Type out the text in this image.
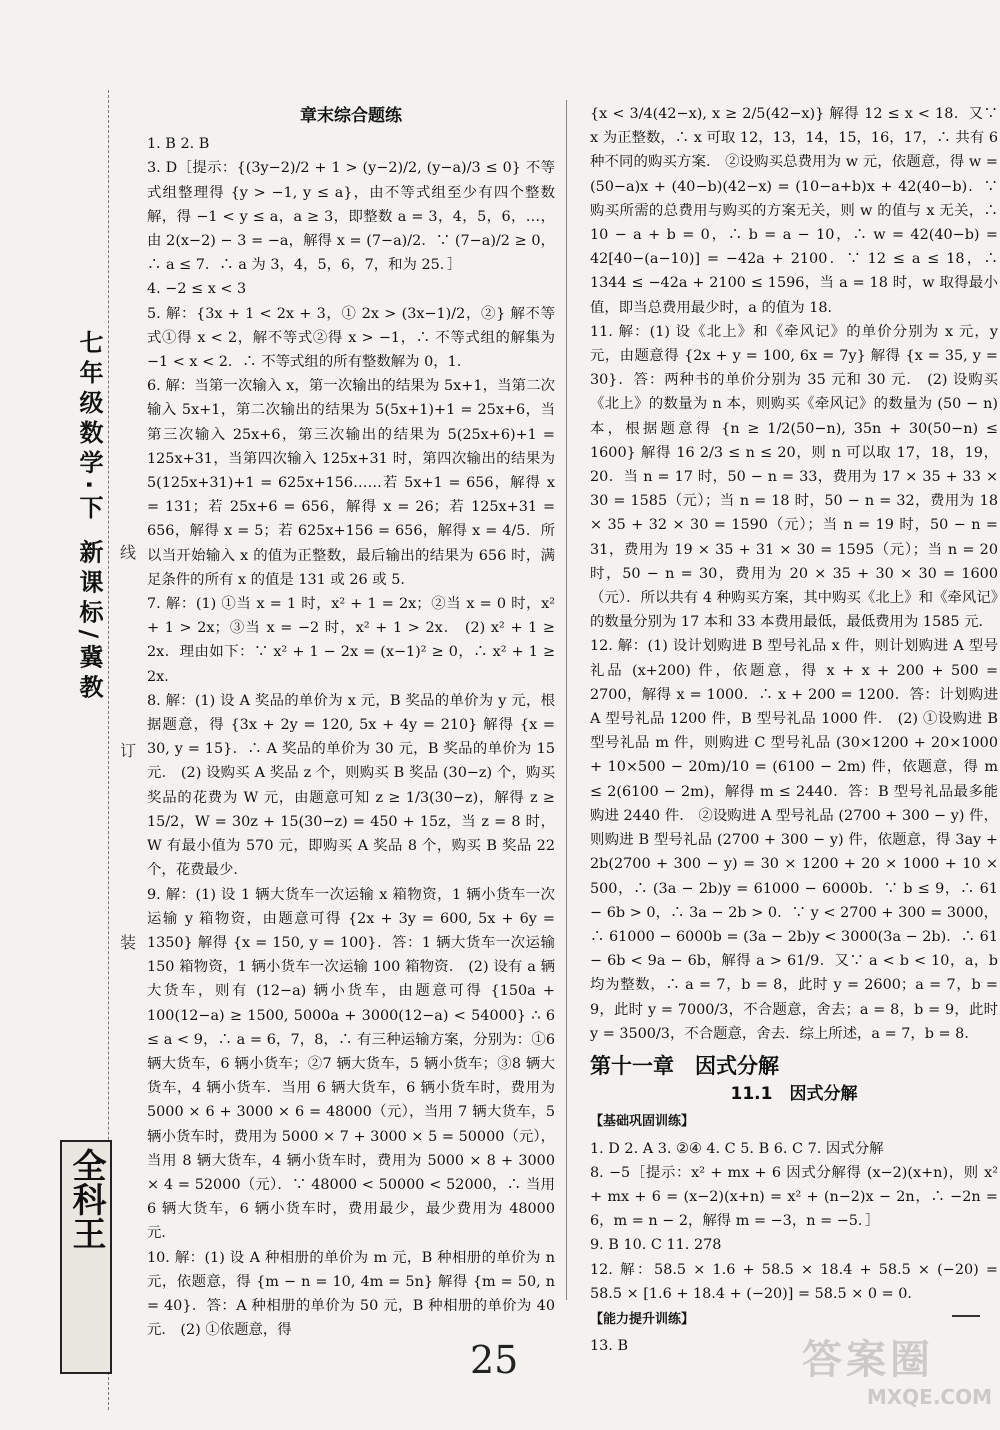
七年级数学·下 新课标/冀教
全科王
线
订
装
章末综合题练

1. B 2. B

3. D［提示：{(3y−2)/2 + 1 > (y−2)/2, (y−a)/3 ≤ 0} 不等式组整理得 {y > −1, y ≤ a}，由不等式组至少有四个整数解，得 −1 < y ≤ a，a ≥ 3，即整数 a = 3，4，5，6，…，由 2(x−2) − 3 = −a，解得 x = (7−a)/2．∵ (7−a)/2 ≥ 0，∴ a ≤ 7．∴ a 为 3，4，5，6，7，和为 25．］

4. −2 ≤ x < 3

5. 解：{3x + 1 < 2x + 3，① 2x > (3x−1)/2，②} 解不等式①得 x < 2，解不等式②得 x > −1，∴ 不等式组的解集为 −1 < x < 2．∴ 不等式组的所有整数解为 0，1．

6. 解：当第一次输入 x，第一次输出的结果为 5x+1，当第二次输入 5x+1，第二次输出的结果为 5(5x+1)+1 = 25x+6，当第三次输入 25x+6，第三次输出的结果为 5(25x+6)+1 = 125x+31，当第四次输入 125x+31 时，第四次输出的结果为 5(125x+31)+1 = 625x+156……若 5x+1 = 656，解得 x = 131；若 25x+6 = 656，解得 x = 26；若 125x+31 = 656，解得 x = 5；若 625x+156 = 656，解得 x = 4/5．所以当开始输入 x 的值为正整数，最后输出的结果为 656 时，满足条件的所有 x 的值是 131 或 26 或 5．

7. 解：(1) ①当 x = 1 时，x² + 1 = 2x；②当 x = 0 时，x² + 1 > 2x；③当 x = −2 时，x² + 1 > 2x． (2) x² + 1 ≥ 2x．理由如下：∵ x² + 1 − 2x = (x−1)² ≥ 0，∴ x² + 1 ≥ 2x．

8. 解：(1) 设 A 奖品的单价为 x 元，B 奖品的单价为 y 元，根据题意，得 {3x + 2y = 120, 5x + 4y = 210} 解得 {x = 30, y = 15}．∴ A 奖品的单价为 30 元，B 奖品的单价为 15 元． (2) 设购买 A 奖品 z 个，则购买 B 奖品 (30−z) 个，购买奖品的花费为 W 元，由题意可知 z ≥ 1/3(30−z)，解得 z ≥ 15/2，W = 30z + 15(30−z) = 450 + 15z，当 z = 8 时，W 有最小值为 570 元，即购买 A 奖品 8 个，购买 B 奖品 22 个，花费最少．

9. 解：(1) 设 1 辆大货车一次运输 x 箱物资，1 辆小货车一次运输 y 箱物资，由题意可得 {2x + 3y = 600, 5x + 6y = 1350} 解得 {x = 150, y = 100}．答：1 辆大货车一次运输 150 箱物资，1 辆小货车一次运输 100 箱物资． (2) 设有 a 辆大货车，则有 (12−a) 辆小货车，由题意可得 {150a + 100(12−a) ≥ 1500, 5000a + 3000(12−a) < 54000} ∴ 6 ≤ a < 9，∴ a = 6，7，8，∴ 有三种运输方案，分别为：①6 辆大货车，6 辆小货车；②7 辆大货车，5 辆小货车；③8 辆大货车，4 辆小货车．当用 6 辆大货车，6 辆小货车时，费用为 5000 × 6 + 3000 × 6 = 48000（元），当用 7 辆大货车，5 辆小货车时，费用为 5000 × 7 + 3000 × 5 = 50000（元），当用 8 辆大货车，4 辆小货车时，费用为 5000 × 8 + 3000 × 4 = 52000（元）．∵ 48000 < 50000 < 52000，∴ 当用 6 辆大货车，6 辆小货车时，费用最少，最少费用为 48000 元．

10. 解：(1) 设 A 种相册的单价为 m 元，B 种相册的单价为 n 元，依题意，得 {m − n = 10, 4m = 5n} 解得 {m = 50, n = 40}．答：A 种相册的单价为 50 元，B 种相册的单价为 40 元． (2) ①依题意，得

{x < 3/4(42−x), x ≥ 2/5(42−x)} 解得 12 ≤ x < 18．又∵ x 为正整数，∴ x 可取 12，13，14，15，16，17，∴ 共有 6 种不同的购买方案． ②设购买总费用为 w 元，依题意，得 w = (50−a)x + (40−b)(42−x) = (10−a+b)x + 42(40−b)．∵ 购买所需的总费用与购买的方案无关，则 w 的值与 x 无关，∴ 10 − a + b = 0，∴ b = a − 10，∴ w = 42(40−b) = 42[40−(a−10)] = −42a + 2100．∵ 12 ≤ a ≤ 18，∴ 1344 ≤ −42a + 2100 ≤ 1596，当 a = 18 时，w 取得最小值，即当总费用最少时，a 的值为 18．

11. 解：(1) 设《北上》和《牵风记》的单价分别为 x 元，y 元，由题意得 {2x + y = 100, 6x = 7y} 解得 {x = 35, y = 30}．答：两种书的单价分别为 35 元和 30 元． (2) 设购买《北上》的数量为 n 本，则购买《牵风记》的数量为 (50 − n) 本，根据题意得 {n ≥ 1/2(50−n), 35n + 30(50−n) ≤ 1600} 解得 16 2/3 ≤ n ≤ 20，则 n 可以取 17，18，19，20．当 n = 17 时，50 − n = 33，费用为 17 × 35 + 33 × 30 = 1585（元）；当 n = 18 时，50 − n = 32，费用为 18 × 35 + 32 × 30 = 1590（元）；当 n = 19 时，50 − n = 31，费用为 19 × 35 + 31 × 30 = 1595（元）；当 n = 20 时，50 − n = 30，费用为 20 × 35 + 30 × 30 = 1600（元）．所以共有 4 种购买方案，其中购买《北上》和《牵风记》的数量分别为 17 本和 33 本费用最低，最低费用为 1585 元．

12. 解：(1) 设计划购进 B 型号礼品 x 件，则计划购进 A 型号礼品 (x+200) 件，依题意，得 x + x + 200 + 500 = 2700，解得 x = 1000．∴ x + 200 = 1200．答：计划购进 A 型号礼品 1200 件，B 型号礼品 1000 件． (2) ①设购进 B 型号礼品 m 件，则购进 C 型号礼品 (30×1200 + 20×1000 + 10×500 − 20m)/10 = (6100 − 2m) 件，依题意，得 m ≤ 2(6100 − 2m)，解得 m ≤ 2440．答：B 型号礼品最多能购进 2440 件． ②设购进 A 型号礼品 (2700 + 300 − y) 件，则购进 B 型号礼品 (2700 + 300 − y) 件，依题意，得 3ay + 2b(2700 + 300 − y) = 30 × 1200 + 20 × 1000 + 10 × 500，∴ (3a − 2b)y = 61000 − 6000b．∵ b ≤ 9，∴ 61 − 6b > 0，∴ 3a − 2b > 0．∵ y < 2700 + 300 = 3000，∴ 61000 − 6000b = (3a − 2b)y < 3000(3a − 2b)．∴ 61 − 6b < 9a − 6b，解得 a > 61/9．又∵ a < b < 10，a，b 均为整数，∴ a = 7，b = 8，此时 y = 2600；a = 7，b = 9，此时 y = 7000/3，不合题意，舍去；a = 8，b = 9，此时 y = 3500/3，不合题意，舍去．综上所述，a = 7，b = 8．

第十一章　因式分解
11.1　因式分解
【基础巩固训练】

1. D 2. A 3. ②④ 4. C 5. B 6. C 7. 因式分解

8. −5［提示：x² + mx + 6 因式分解得 (x−2)(x+n)，则 x² + mx + 6 = (x−2)(x+n) = x² + (n−2)x − 2n，∴ −2n = 6，m = n − 2，解得 m = −3，n = −5．］

9. B 10. C 11. 278

12. 解：58.5 × 1.6 + 58.5 × 18.4 + 58.5 × (−20) = 58.5 × [1.6 + 18.4 + (−20)] = 58.5 × 0 = 0．

【能力提升训练】

13. B

25	答案圈
MXQE.COM
